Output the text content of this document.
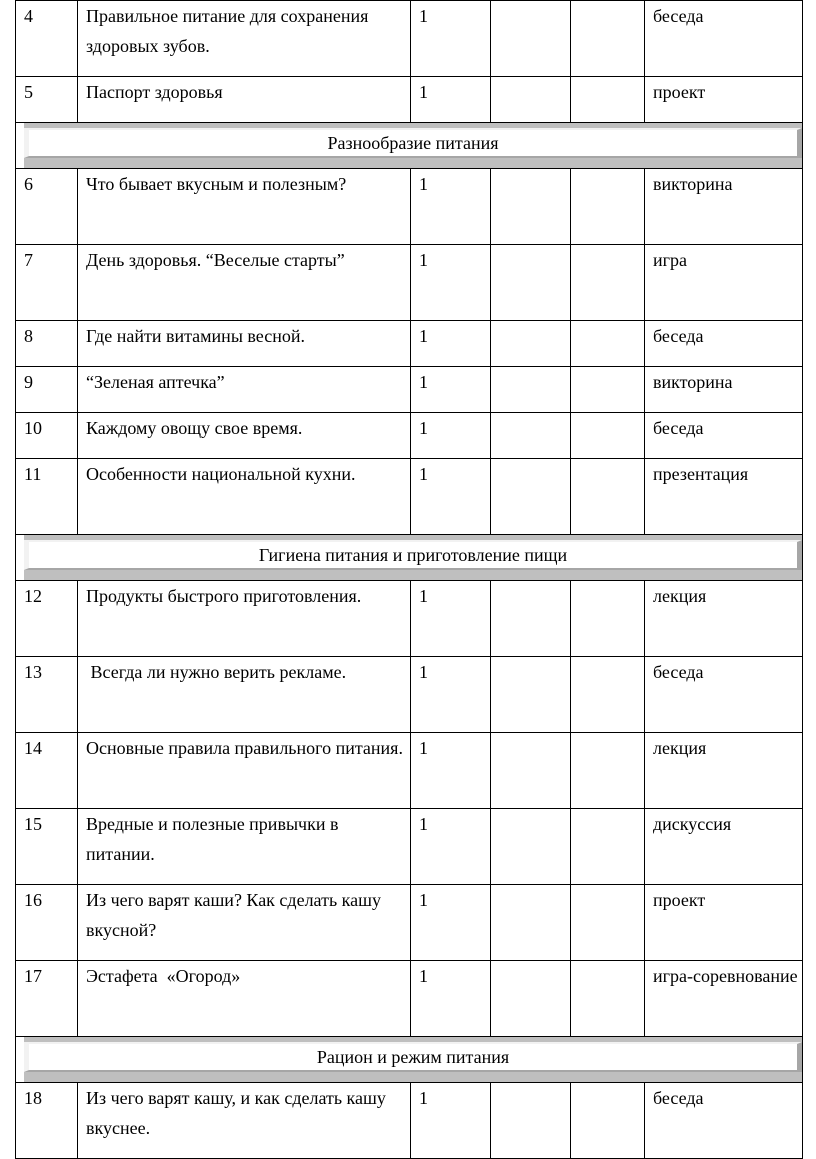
4	Правильное питание для сохранения здоровых зубов.	1			беседа
5	Паспорт здоровья	1			проект

Разнообразие питания					

6	Что бывает вкусным и полезным?	1			викторина
7	День здоровья. “Веселые старты”	1			игра
8	Где найти витамины весной.	1			беседа
9	“Зеленая аптечка”	1			викторина
10	Каждому овощу свое время.	1			беседа
11	Особенности национальной кухни.	1			презентация

Гигиена питания и приготовление пищи					

12	Продукты быстрого приготовления.	1			лекция
13	Всегда ли нужно верить рекламе.	1			беседа
14	Основные правила правильного питания.	1			лекция
15	Вредные и полезные привычки в питании.	1			дискуссия
16	Из чего варят каши? Как сделать кашу вкусной?	1			проект
17	Эстафета  «Огород»	1			игра-соревнование

Рацион и режим питания					

18	Из чего варят кашу, и как сделать кашу вкуснее.	1			беседа
